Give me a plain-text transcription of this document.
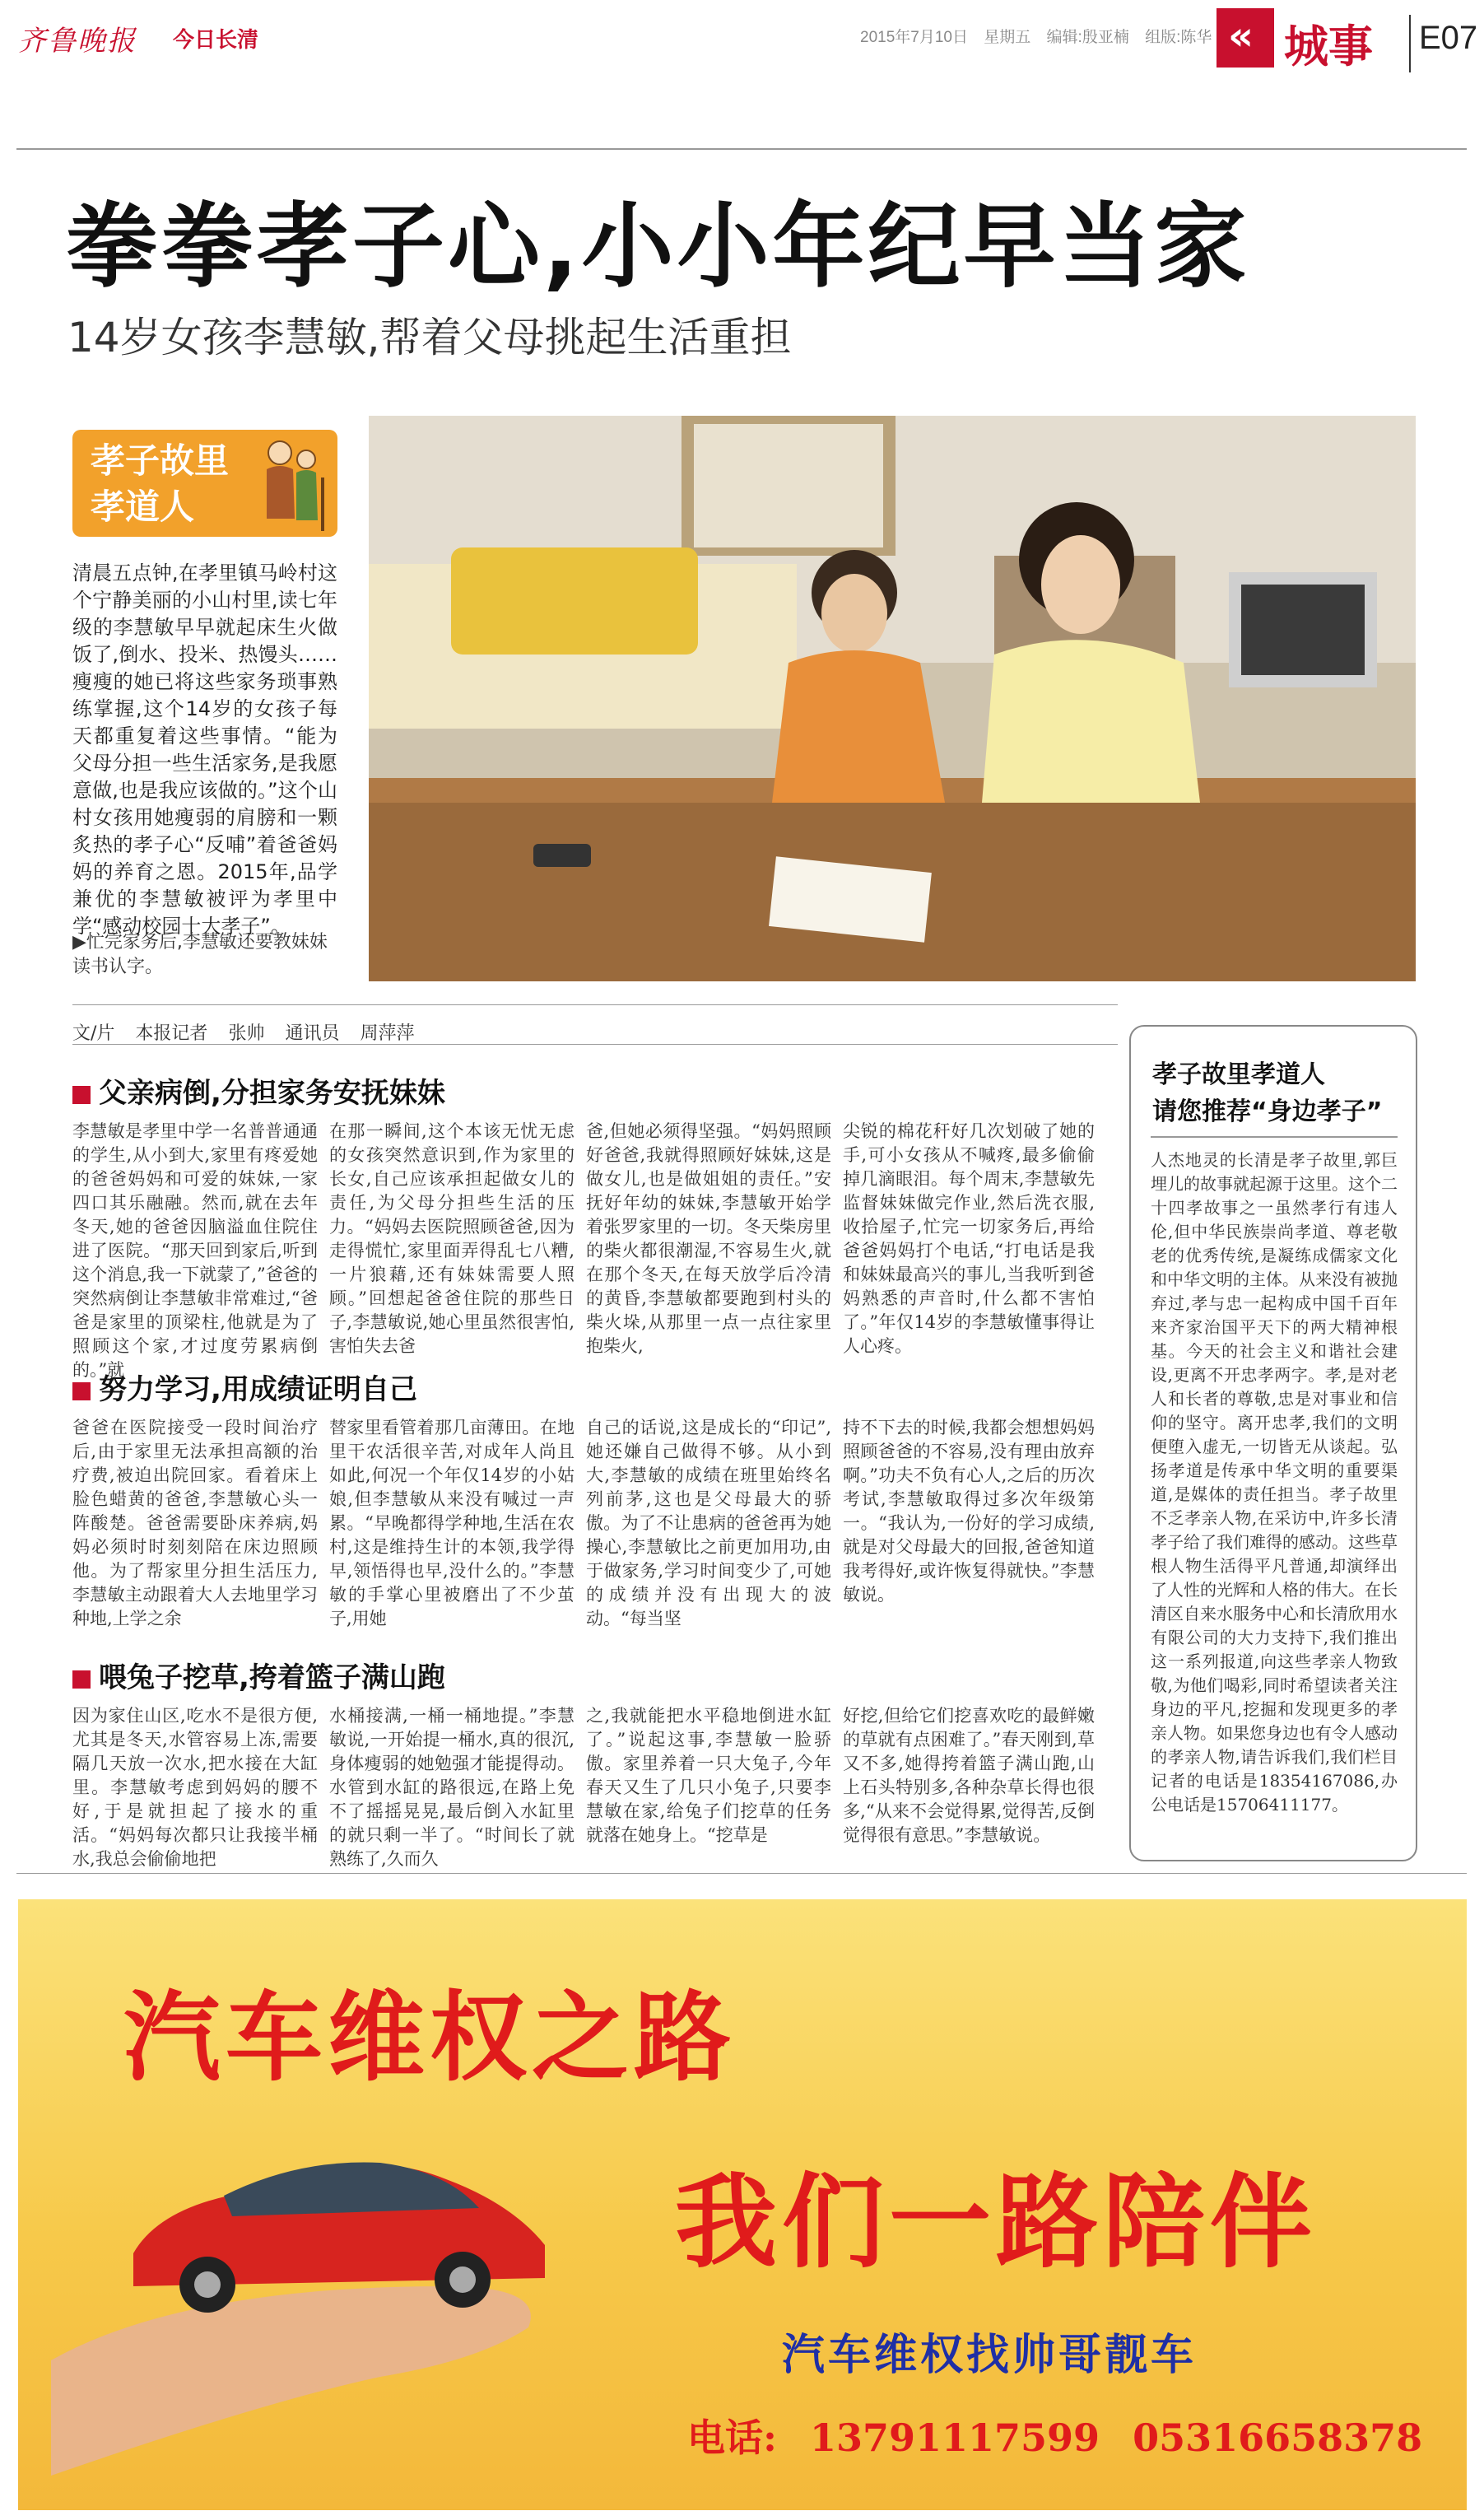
齐鲁晚报 今日长清	2015年7月10日 星期五 编辑:殷亚楠 组版:陈华 « 城事 E07
拳拳孝子心,小小年纪早当家
14岁女孩李慧敏,帮着父母挑起生活重担
孝子故里孝道人
清晨五点钟,在孝里镇马岭村这个宁静美丽的小山村里,读七年级的李慧敏早早就起床生火做饭了,倒水、投米、热馒头……瘦瘦的她已将这些家务琐事熟练掌握,这个14岁的女孩子每天都重复着这些事情。“能为父母分担一些生活家务,是我愿意做,也是我应该做的。”这个山村女孩用她瘦弱的肩膀和一颗炙热的孝子心“反哺”着爸爸妈妈的养育之恩。2015年,品学兼优的李慧敏被评为孝里中学“感动校园十大孝子”。
▶忙完家务后,李慧敏还要教妹妹读书认字。
文/片 本报记者 张帅 通讯员 周萍萍
父亲病倒,分担家务安抚妹妹
李慧敏是孝里中学一名普普通通的学生,从小到大,家里有疼爱她的爸爸妈妈和可爱的妹妹,一家四口其乐融融。然而,就在去年冬天,她的爸爸因脑溢血住院住进了医院。“那天回到家后,听到这个消息,我一下就蒙了,”爸爸的突然病倒让李慧敏非常难过,“爸爸是家里的顶梁柱,他就是为了照顾这个家,才过度劳累病倒的。”就
在那一瞬间,这个本该无忧无虑的女孩突然意识到,作为家里的长女,自己应该承担起做女儿的责任,为父母分担些生活的压力。“妈妈去医院照顾爸爸,因为走得慌忙,家里面弄得乱七八糟,一片狼藉,还有妹妹需要人照顾。”回想起爸爸住院的那些日子,李慧敏说,她心里虽然很害怕,害怕失去爸
爸,但她必须得坚强。“妈妈照顾好爸爸,我就得照顾好妹妹,这是做女儿,也是做姐姐的责任。”安抚好年幼的妹妹,李慧敏开始学着张罗家里的一切。冬天柴房里的柴火都很潮湿,不容易生火,就在那个冬天,在每天放学后冷清的黄昏,李慧敏都要跑到村头的柴火垛,从那里一点一点往家里抱柴火,
尖锐的棉花秆好几次划破了她的手,可小女孩从不喊疼,最多偷偷掉几滴眼泪。每个周末,李慧敏先监督妹妹做完作业,然后洗衣服,收拾屋子,忙完一切家务后,再给爸爸妈妈打个电话,“打电话是我和妹妹最高兴的事儿,当我听到爸妈熟悉的声音时,什么都不害怕了。”年仅14岁的李慧敏懂事得让人心疼。
努力学习,用成绩证明自己
爸爸在医院接受一段时间治疗后,由于家里无法承担高额的治疗费,被迫出院回家。看着床上脸色蜡黄的爸爸,李慧敏心头一阵酸楚。爸爸需要卧床养病,妈妈必须时时刻刻陪在床边照顾他。为了帮家里分担生活压力,李慧敏主动跟着大人去地里学习种地,上学之余
替家里看管着那几亩薄田。在地里干农活很辛苦,对成年人尚且如此,何况一个年仅14岁的小姑娘,但李慧敏从来没有喊过一声累。“早晚都得学种地,生活在农村,这是维持生计的本领,我学得早,领悟得也早,没什么的。”李慧敏的手掌心里被磨出了不少茧子,用她
自己的话说,这是成长的“印记”,她还嫌自己做得不够。从小到大,李慧敏的成绩在班里始终名列前茅,这也是父母最大的骄傲。为了不让患病的爸爸再为她操心,李慧敏比之前更加用功,由于做家务,学习时间变少了,可她的成绩并没有出现大的波动。“每当坚
持不下去的时候,我都会想想妈妈照顾爸爸的不容易,没有理由放弃啊。”功夫不负有心人,之后的历次考试,李慧敏取得过多次年级第一。“我认为,一份好的学习成绩,就是对父母最大的回报,爸爸知道我考得好,或许恢复得就快。”李慧敏说。
喂兔子挖草,挎着篮子满山跑
因为家住山区,吃水不是很方便,尤其是冬天,水管容易上冻,需要隔几天放一次水,把水接在大缸里。李慧敏考虑到妈妈的腰不好,于是就担起了接水的重活。“妈妈每次都只让我接半桶水,我总会偷偷地把
水桶接满,一桶一桶地提。”李慧敏说,一开始提一桶水,真的很沉,身体瘦弱的她勉强才能提得动。水管到水缸的路很远,在路上免不了摇摇晃晃,最后倒入水缸里的就只剩一半了。“时间长了就熟练了,久而久
之,我就能把水平稳地倒进水缸了。”说起这事,李慧敏一脸骄傲。家里养着一只大兔子,今年春天又生了几只小兔子,只要李慧敏在家,给兔子们挖草的任务就落在她身上。“挖草是
好挖,但给它们挖喜欢吃的最鲜嫩的草就有点困难了。”春天刚到,草又不多,她得挎着篮子满山跑,山上石头特别多,各种杂草长得也很多,“从来不会觉得累,觉得苦,反倒觉得很有意思。”李慧敏说。
孝子故里孝道人
请您推荐“身边孝子”
人杰地灵的长清是孝子故里,郭巨埋儿的故事就起源于这里。这个二十四孝故事之一虽然孝行有违人伦,但中华民族崇尚孝道、尊老敬老的优秀传统,是凝练成儒家文化和中华文明的主体。从来没有被抛弃过,孝与忠一起构成中国千百年来齐家治国平天下的两大精神根基。今天的社会主义和谐社会建设,更离不开忠孝两字。孝,是对老人和长者的尊敬,忠是对事业和信仰的坚守。离开忠孝,我们的文明便堕入虚无,一切皆无从谈起。弘扬孝道是传承中华文明的重要渠道,是媒体的责任担当。孝子故里不乏孝亲人物,在采访中,许多长清孝子给了我们难得的感动。这些草根人物生活得平凡普通,却演绎出了人性的光辉和人格的伟大。在长清区自来水服务中心和长清欣用水有限公司的大力支持下,我们推出这一系列报道,向这些孝亲人物致敬,为他们喝彩,同时希望读者关注身边的平凡,挖掘和发现更多的孝亲人物。如果您身边也有令人感动的孝亲人物,请告诉我们,我们栏目记者的电话是18354167086,办公电话是15706411177。
汽车维权之路
我们一路陪伴
汽车维权找帅哥靓车
电话: 13791117599 05316658378
